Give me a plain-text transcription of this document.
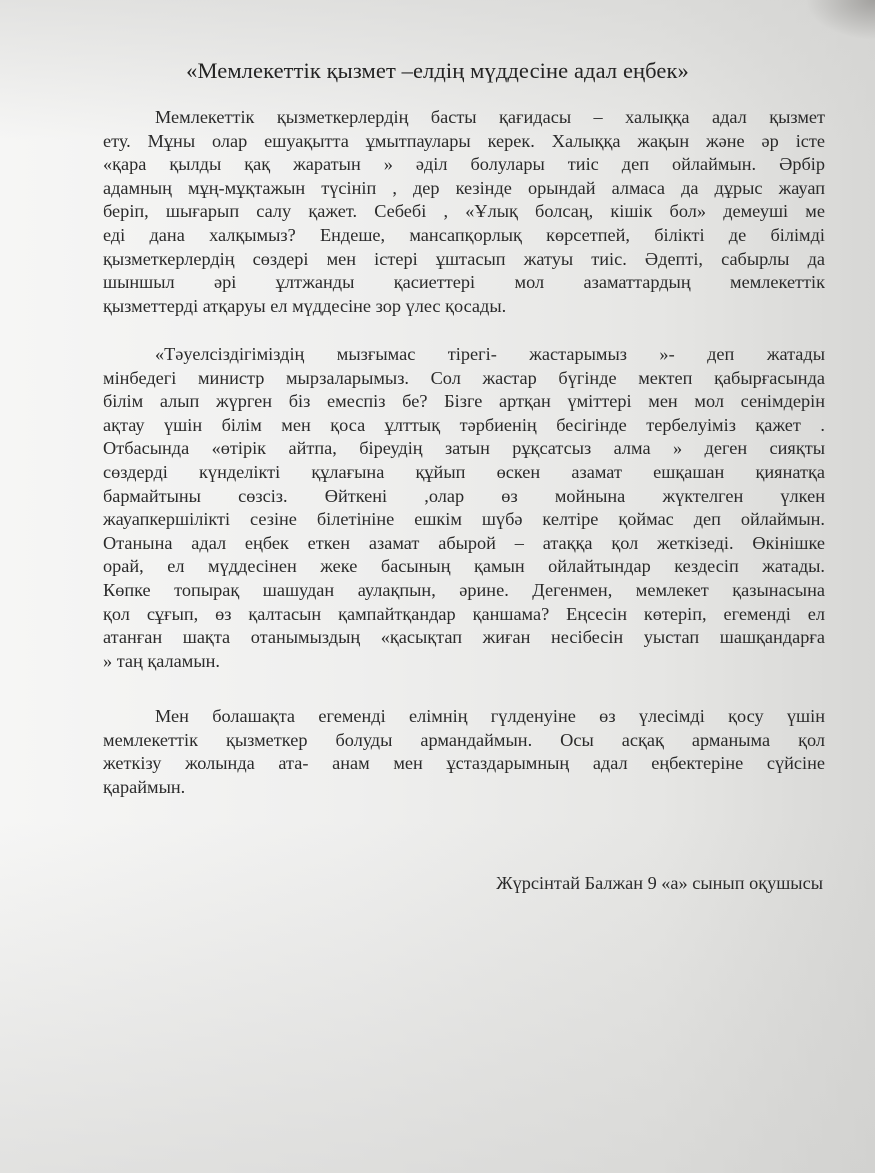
«Мемлекеттік қызмет –елдің мүддесіне адал еңбек»
Мемлекеттік қызметкерлердің басты қағидасы – халыққа адал қызмет
ету. Мұны олар ешуақытта ұмытпаулары керек. Халыққа жақын және әр істе
«қара қылды қақ жаратын » әділ болулары тиіс деп ойлаймын. Әрбір
адамның мұң-мұқтажын түсініп , дер кезінде орындай алмаса да дұрыс жауап
беріп, шығарып салу қажет. Себебі , «Ұлық болсаң, кішік бол» демеуші ме
еді дана халқымыз? Ендеше, мансапқорлық көрсетпей, білікті де білімді
қызметкерлердің сөздері мен істері ұштасып жатуы тиіс. Әдепті, сабырлы да
шыншыл әрі ұлтжанды қасиеттері мол азаматтардың мемлекеттік
қызметтерді атқаруы ел мүддесіне зор үлес қосады.
«Тәуелсіздігіміздің мызғымас тірегі- жастарымыз »- деп жатады
мінбедегі министр мырзаларымыз. Сол жастар бүгінде мектеп қабырғасында
білім алып жүрген біз емеспіз бе? Бізге артқан үміттері мен мол сенімдерін
ақтау үшін білім мен қоса ұлттық тәрбиенің бесігінде тербелуіміз қажет .
Отбасында «өтірік айтпа, біреудің затын рұқсатсыз алма » деген сияқты
сөздерді күнделікті құлағына құйып өскен азамат ешқашан қиянатқа
бармайтыны сөзсіз. Өйткені ,олар өз мойнына жүктелген үлкен
жауапкершілікті сезіне білетініне ешкім шүбә келтіре қоймас деп ойлаймын.
Отанына адал еңбек еткен азамат абырой – атаққа қол жеткізеді. Өкінішке
орай, ел мүддесінен жеке басының қамын ойлайтындар кездесіп жатады.
Көпке топырақ шашудан аулақпын, әрине. Дегенмен, мемлекет қазынасына
қол сұғып, өз қалтасын қампайтқандар қаншама? Еңсесін көтеріп, егеменді ел
атанған шақта отанымыздың «қасықтап жиған несібесін уыстап шашқандарға
» таң қаламын.
Мен болашақта егеменді елімнің гүлденуіне өз үлесімді қосу үшін
мемлекеттік қызметкер болуды армандаймын. Осы асқақ арманыма қол
жеткізу жолында ата- анам мен ұстаздарымның адал еңбектеріне сүйсіне
қараймын.
Жүрсінтай Балжан 9 «а» сынып оқушысы
